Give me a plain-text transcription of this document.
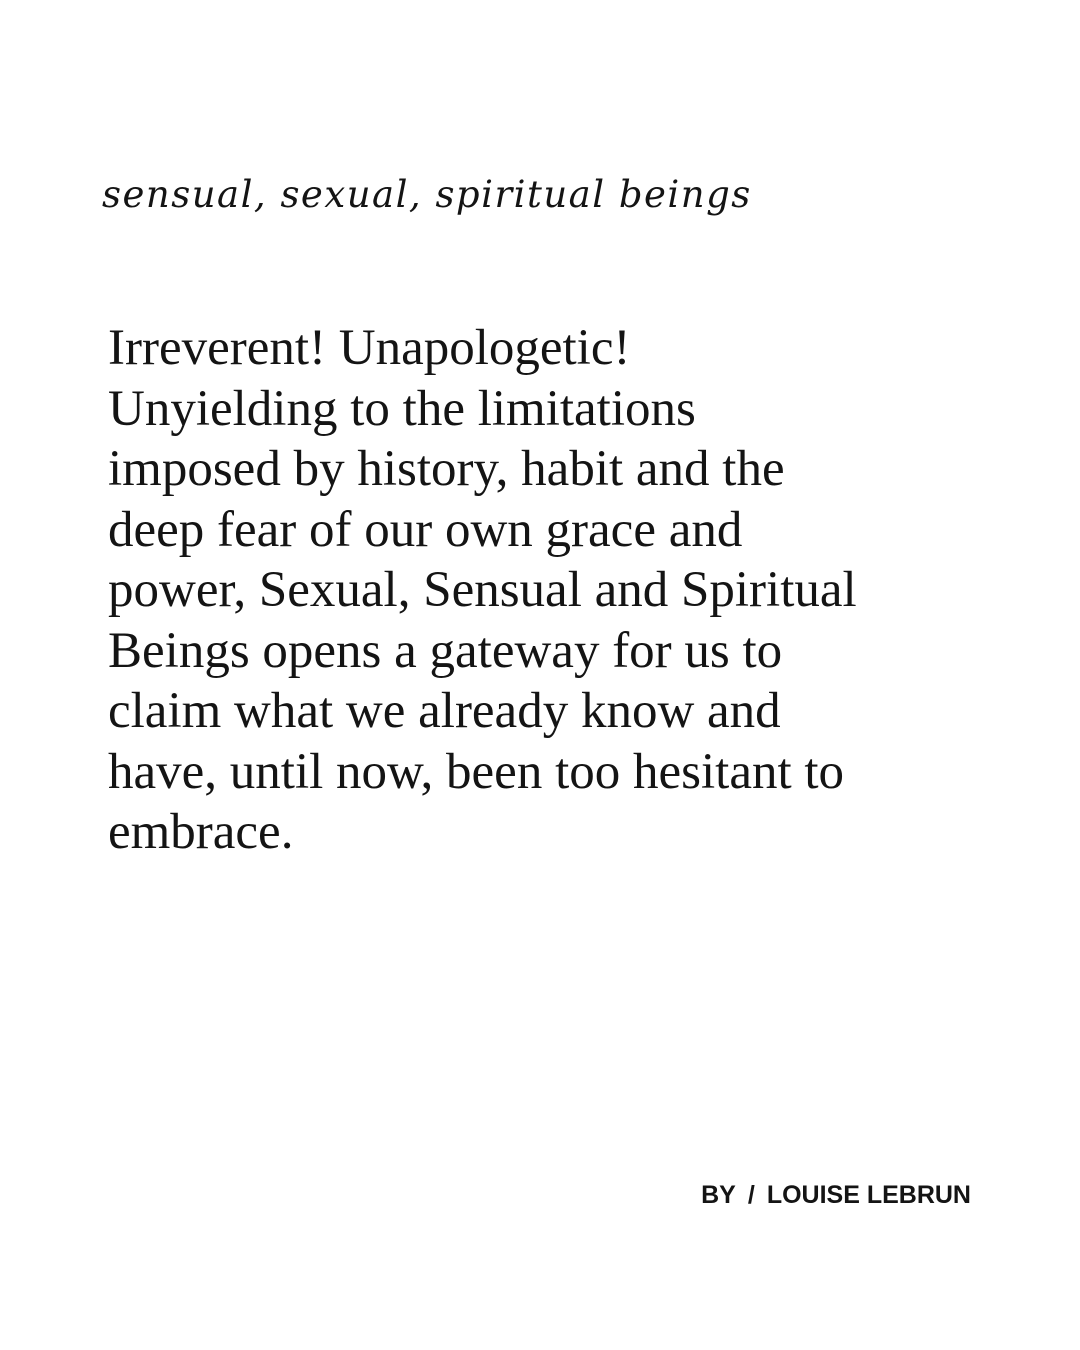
sensual, sexual, spiritual beings
Irreverent! Unapologetic!
Unyielding to the limitations
imposed by history, habit and the
deep fear of our own grace and
power, Sexual, Sensual and Spiritual
Beings opens a gateway for us to
claim what we already know and
have, until now, been too hesitant to
embrace.
BY / LOUISE LEBRUN
